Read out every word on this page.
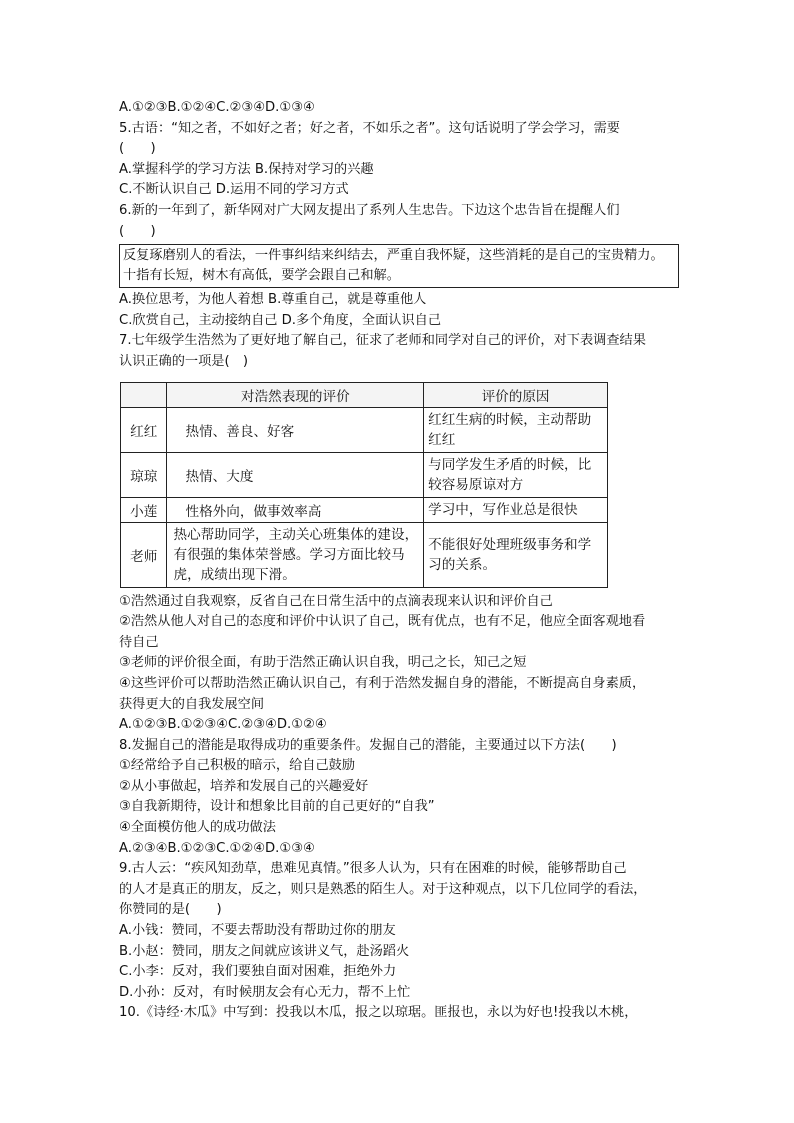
A.①②③B.①②④C.②③④D.①③④
5.古语：“知之者，不如好之者；好之者，不如乐之者”。这句话说明了学会学习，需要
(　　)
A.掌握科学的学习方法 B.保持对学习的兴趣
C.不断认识自己 D.运用不同的学习方式
6.新的一年到了，新华网对广大网友提出了系列人生忠告。下边这个忠告旨在提醒人们
(　　)
反复琢磨别人的看法，一件事纠结来纠结去，严重自我怀疑，这些消耗的是自己的宝贵精力。
十指有长短，树木有高低，要学会跟自己和解。
A.换位思考，为他人着想 B.尊重自己，就是尊重他人
C.欣赏自己，主动接纳自己 D.多个角度，全面认识自己
7.七年级学生浩然为了更好地了解自己，征求了老师和同学对自己的评价，对下表调查结果
认识正确的一项是(　)
	对浩然表现的评价	评价的原因
红红	热情、善良、好客	红红生病的时候，主动帮助红红
琼琼	热情、大度	与同学发生矛盾的时候，比较容易原谅对方
小莲	性格外向，做事效率高	学习中，写作业总是很快
老师	热心帮助同学，主动关心班集体的建设，有很强的集体荣誉感。学习方面比较马虎，成绩出现下滑。	不能很好处理班级事务和学习的关系。
①浩然通过自我观察，反省自己在日常生活中的点滴表现来认识和评价自己
②浩然从他人对自己的态度和评价中认识了自己，既有优点，也有不足，他应全面客观地看
待自己
③老师的评价很全面，有助于浩然正确认识自我，明己之长，知己之短
④这些评价可以帮助浩然正确认识自己，有利于浩然发掘自身的潜能，不断提高自身素质，
获得更大的自我发展空间
A.①②③B.①②③④C.②③④D.①②④
8.发掘自己的潜能是取得成功的重要条件。发掘自己的潜能，主要通过以下方法(　　)
①经常给予自己积极的暗示，给自己鼓励
②从小事做起，培养和发展自己的兴趣爱好
③自我新期待，设计和想象比目前的自己更好的“自我”
④全面模仿他人的成功做法
A.②③④B.①②③C.①②④D.①③④
9.古人云：“疾风知劲草，患难见真情。”很多人认为，只有在困难的时候，能够帮助自己
的人才是真正的朋友，反之，则只是熟悉的陌生人。对于这种观点，以下几位同学的看法，
你赞同的是(　　)
A.小钱：赞同，不要去帮助没有帮助过你的朋友
B.小赵：赞同，朋友之间就应该讲义气，赴汤蹈火
C.小李：反对，我们要独自面对困难，拒绝外力
D.小孙：反对，有时候朋友会有心无力，帮不上忙
10.《诗经·木瓜》中写到：投我以木瓜，报之以琼琚。匪报也，永以为好也!投我以木桃，
